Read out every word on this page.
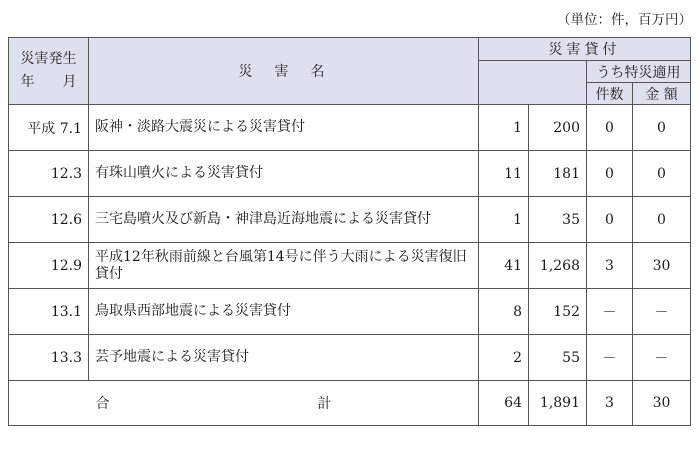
（単位：件，百万円）
災害発生
年　　月	災　害　名	災害貸付			
				うち特災適用	
				件数	金 額
平成 7.1	阪神・淡路大震災による災害貸付	1	200	0	0
12.3	有珠山噴火による災害貸付	11	181	0	0
12.6	三宅島噴火及び新島・神津島近海地震による災害貸付	1	35	0	0
12.9	平成12年秋雨前線と台風第14号に伴う大雨による災害復旧貸付	41	1,268	3	30
13.1	鳥取県西部地震による災害貸付	8	152	－	－
13.3	芸予地震による災害貸付	2	55	－	－
合　　計		64	1,891	3	30
